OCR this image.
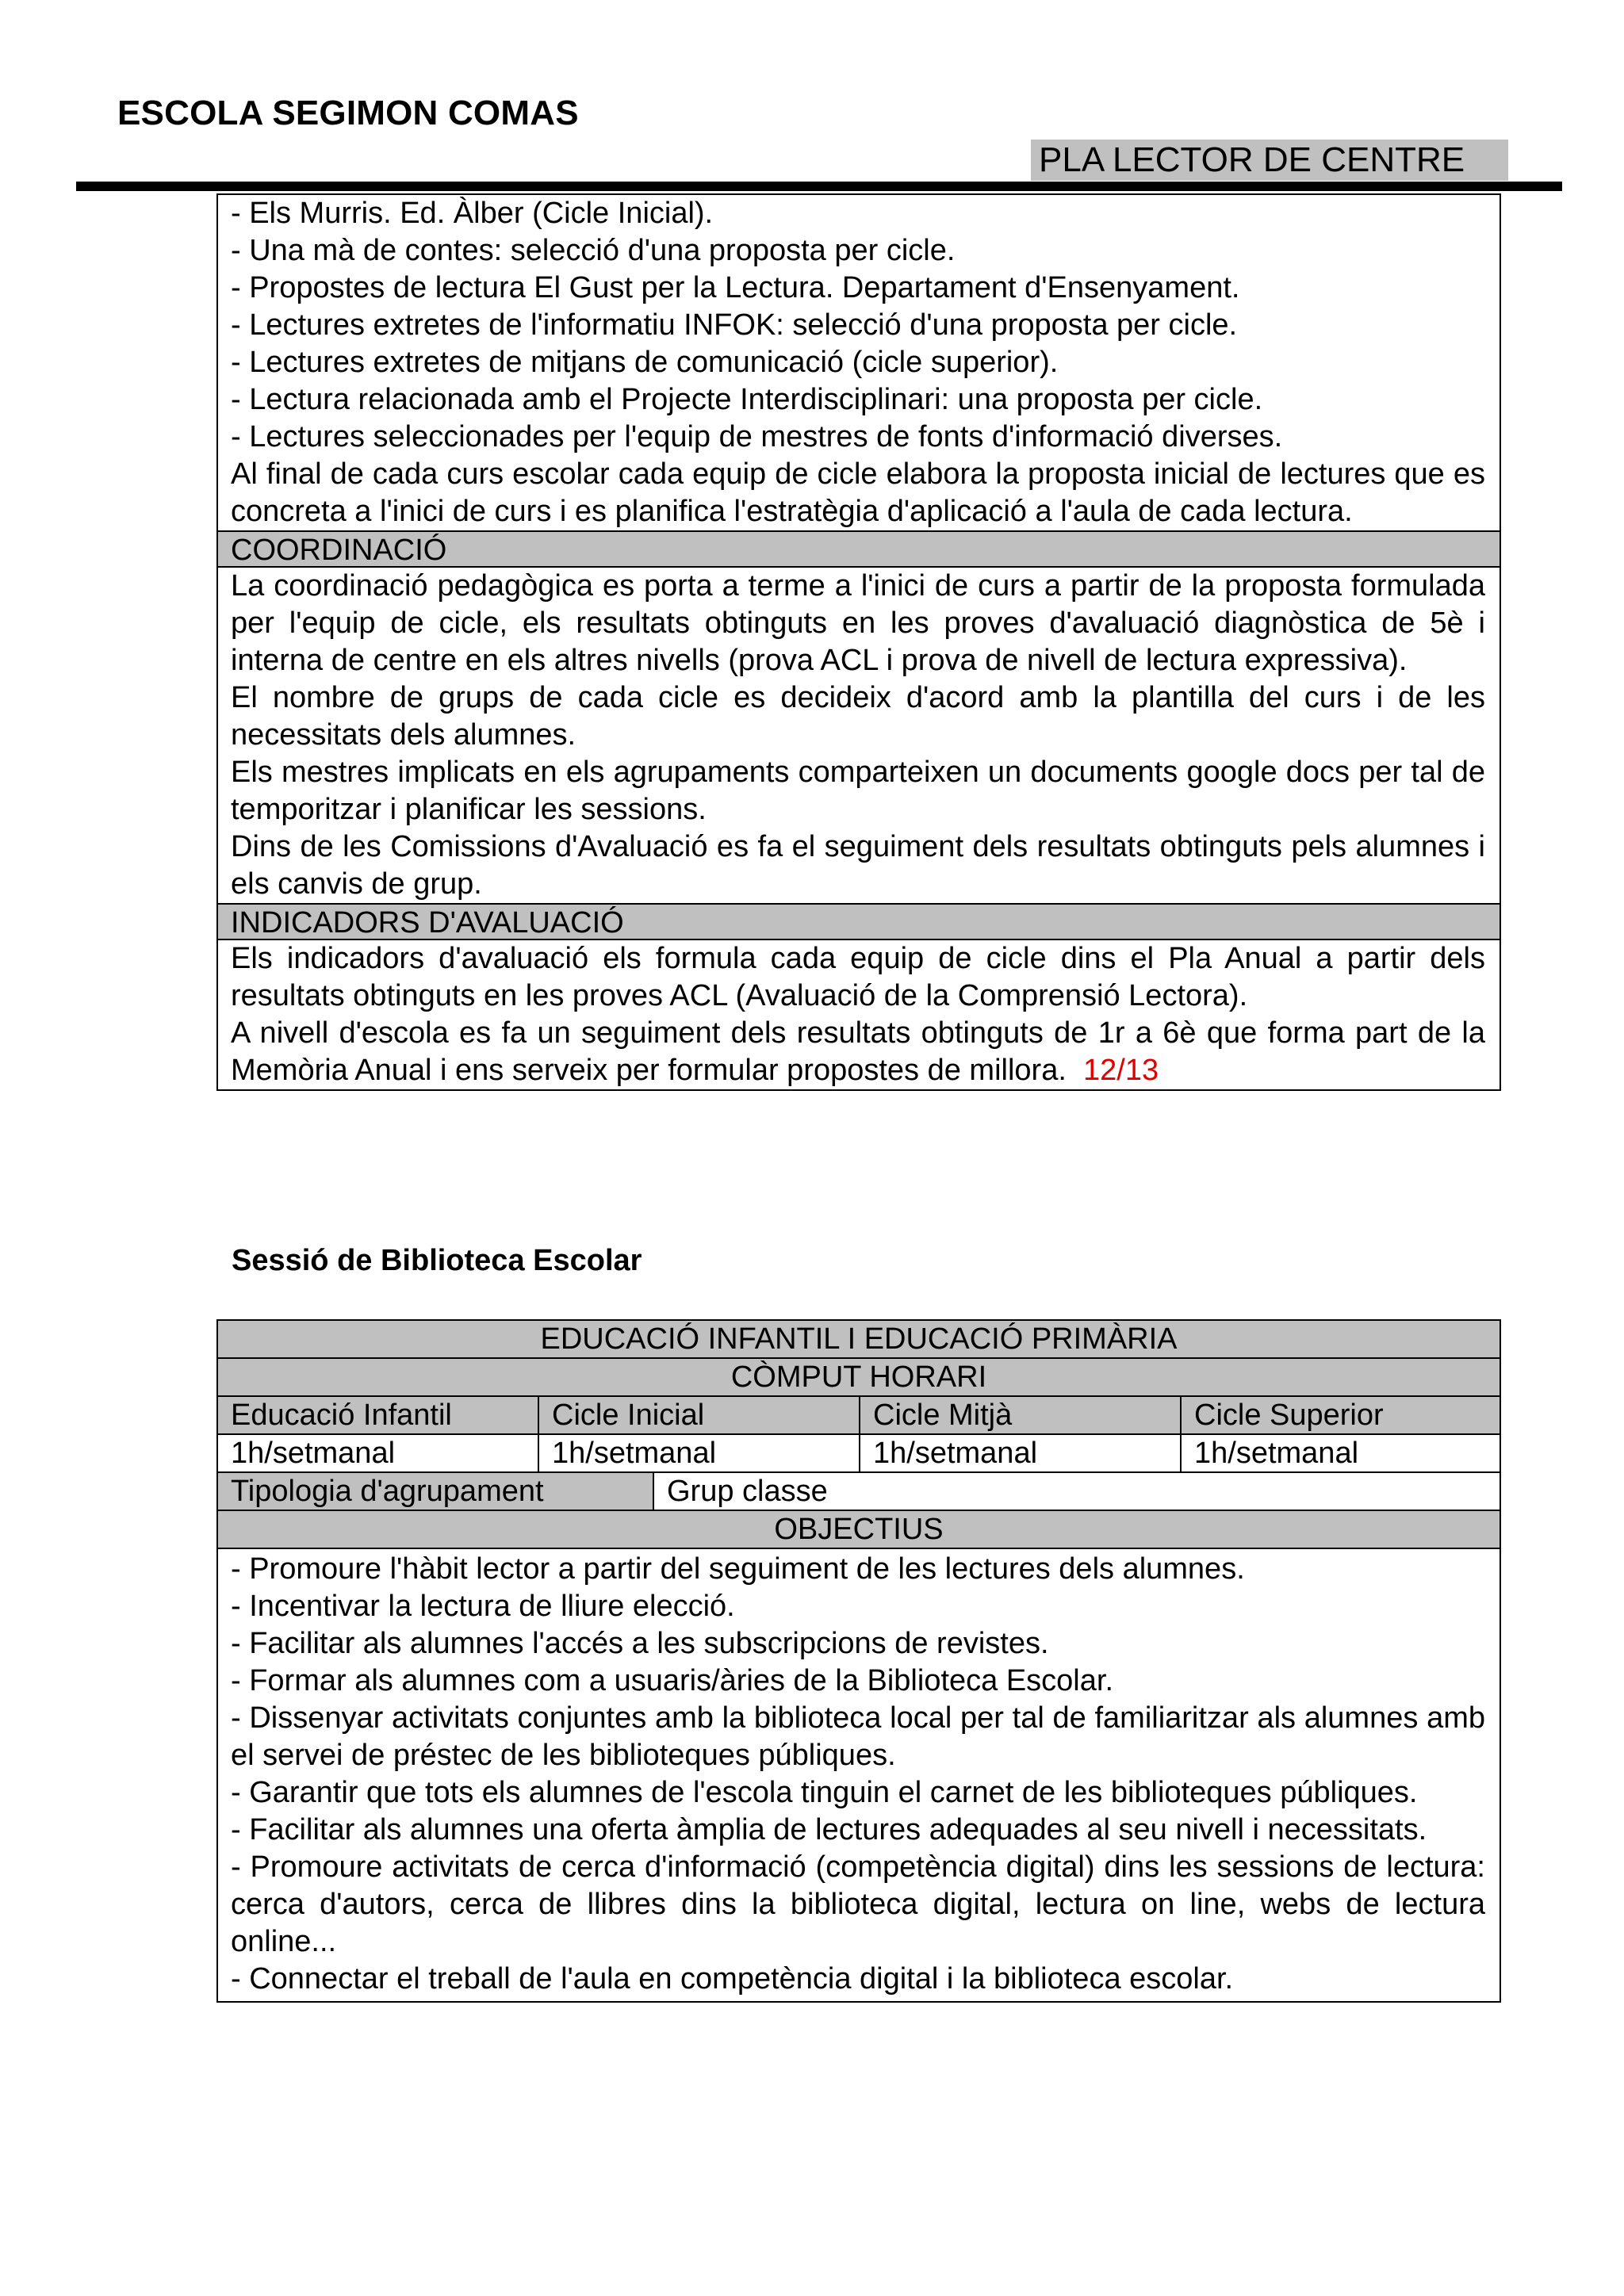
ESCOLA SEGIMON COMAS
PLA LECTOR DE CENTRE

- Els Murris. Ed. Àlber (Cicle Inicial).

- Una mà de contes: selecció d'una proposta per cicle.

- Propostes de lectura El Gust per la Lectura. Departament d'Ensenyament.

- Lectures extretes de l'informatiu INFOK: selecció d'una proposta per cicle.

- Lectures extretes de mitjans de comunicació (cicle superior).

- Lectura relacionada amb el Projecte Interdisciplinari: una proposta per cicle.

- Lectures seleccionades per l'equip de mestres de fonts d'informació diverses.

Al final de cada curs escolar cada equip de cicle elabora la proposta inicial de lectures que es concreta a l'inici de curs i es planifica l'estratègia d'aplicació a l'aula de cada lectura.

COORDINACIÓ

La coordinació pedagògica es porta a terme a l'inici de curs a partir de la proposta formulada per l'equip de cicle, els resultats obtinguts en les proves d'avaluació diagnòstica de 5è i interna de centre en els altres nivells (prova ACL i prova de nivell de lectura expressiva).

El nombre de grups de cada cicle es decideix d'acord amb la plantilla del curs i de les necessitats dels alumnes.

Els mestres implicats en els agrupaments comparteixen un documents google docs per tal de temporitzar i planificar les sessions.

Dins de les Comissions d'Avaluació es fa el seguiment dels resultats obtinguts pels alumnes i els canvis de grup.

INDICADORS D'AVALUACIÓ

Els indicadors d'avaluació els formula cada equip de cicle dins el Pla Anual a partir dels resultats obtinguts en les proves ACL (Avaluació de la Comprensió Lectora).

A nivell d'escola es fa un seguiment dels resultats obtinguts de 1r a 6è que forma part de la Memòria Anual i ens serveix per formular propostes de millora. 12/13

Sessió de Biblioteca Escolar
EDUCACIÓ INFANTIL I EDUCACIÓ PRIMÀRIA
CÒMPUT HORARI
Educació Infantil	Cicle Inicial	Cicle Mitjà	Cicle Superior
1h/setmanal	1h/setmanal	1h/setmanal	1h/setmanal
Tipologia d'agrupament	Grup classe
OBJECTIUS

- Promoure l'hàbit lector a partir del seguiment de les lectures dels alumnes.

- Incentivar la lectura de lliure elecció.

- Facilitar als alumnes l'accés a les subscripcions de revistes.

- Formar als alumnes com a usuaris/àries de la Biblioteca Escolar.

- Dissenyar activitats conjuntes amb la biblioteca local per tal de familiaritzar als alumnes amb el servei de préstec de les biblioteques públiques.

- Garantir que tots els alumnes de l'escola tinguin el carnet de les biblioteques públiques.

- Facilitar als alumnes una oferta àmplia de lectures adequades al seu nivell i necessitats.

- Promoure activitats de cerca d'informació (competència digital) dins les sessions de lectura: cerca d'autors, cerca de llibres dins la biblioteca digital, lectura on line, webs de lectura online...

- Connectar el treball de l'aula en competència digital i la biblioteca escolar.
